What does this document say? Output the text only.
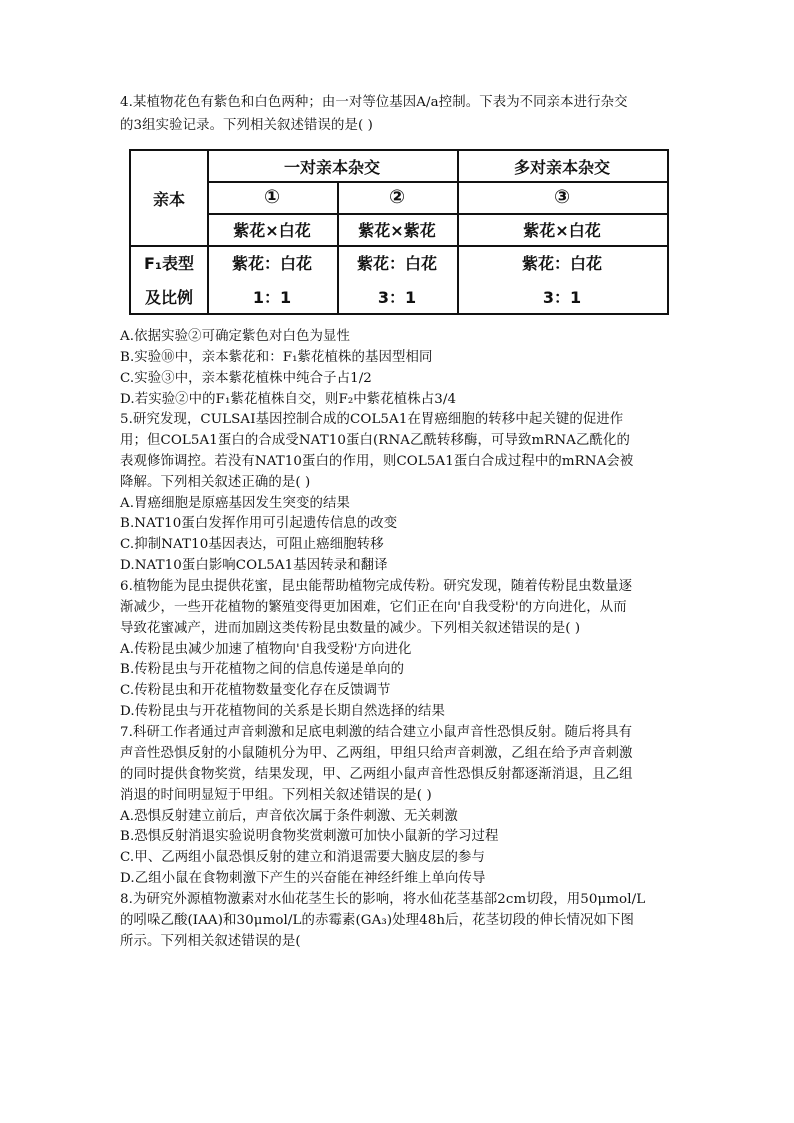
4.某植物花色有紫色和白色两种；由一对等位基因A/a控制。下表为不同亲本进行杂交
的3组实验记录。下列相关叙述错误的是( )
亲本
一对亲本杂交	多对亲本杂交
①	②	③
紫花×白花	紫花×紫花	紫花×白花
F₁表型
及比例
紫花：白花	紫花：白花	紫花：白花
1：1	3：1	3：1
A.依据实验②可确定紫色对白色为显性
B.实验⑩中，亲本紫花和：F₁紫花植株的基因型相同
C.实验③中，亲本紫花植株中纯合子占1/2
D.若实验②中的F₁紫花植株自交，则F₂中紫花植株占3/4
5.研究发现，CULSAI基因控制合成的COL5A1在胃癌细胞的转移中起关键的促进作
用；但COL5A1蛋白的合成受NAT10蛋白(RNA乙酰转移酶，可导致mRNA乙酰化的
表观修饰调控。若没有NAT10蛋白的作用，则COL5A1蛋白合成过程中的mRNA会被
降解。下列相关叙述正确的是( )
A.胃癌细胞是原癌基因发生突变的结果
B.NAT10蛋白发挥作用可引起遗传信息的改变
C.抑制NAT10基因表达，可阻止癌细胞转移
D.NAT10蛋白影响COL5A1基因转录和翻译
6.植物能为昆虫提供花蜜，昆虫能帮助植物完成传粉。研究发现，随着传粉昆虫数量逐
渐减少，一些开花植物的繁殖变得更加困难，它们正在向'自我受粉'的方向进化，从而
导致花蜜减产，进而加剧这类传粉昆虫数量的减少。下列相关叙述错误的是( )
A.传粉昆虫减少加速了植物向'自我受粉'方向进化
B.传粉昆虫与开花植物之间的信息传递是单向的
C.传粉昆虫和开花植物数量变化存在反馈调节
D.传粉昆虫与开花植物间的关系是长期自然选择的结果
7.科研工作者通过声音刺激和足底电刺激的结合建立小鼠声音性恐惧反射。随后将具有
声音性恐惧反射的小鼠随机分为甲、乙两组，甲组只给声音刺激，乙组在给予声音刺激
的同时提供食物奖赏，结果发现，甲、乙两组小鼠声音性恐惧反射都逐渐消退，且乙组
消退的时间明显短于甲组。下列相关叙述错误的是( )
A.恐惧反射建立前后，声音依次属于条件刺激、无关刺激
B.恐惧反射消退实验说明食物奖赏刺激可加快小鼠新的学习过程
C.甲、乙两组小鼠恐惧反射的建立和消退需要大脑皮层的参与
D.乙组小鼠在食物刺激下产生的兴奋能在神经纤维上单向传导
8.为研究外源植物激素对水仙花茎生长的影响，将水仙花茎基部2cm切段，用50μmol/L
的吲哚乙酸(IAA)和30μmol/L的赤霉素(GA₃)处理48h后，花茎切段的伸长情况如下图
所示。下列相关叙述错误的是(
